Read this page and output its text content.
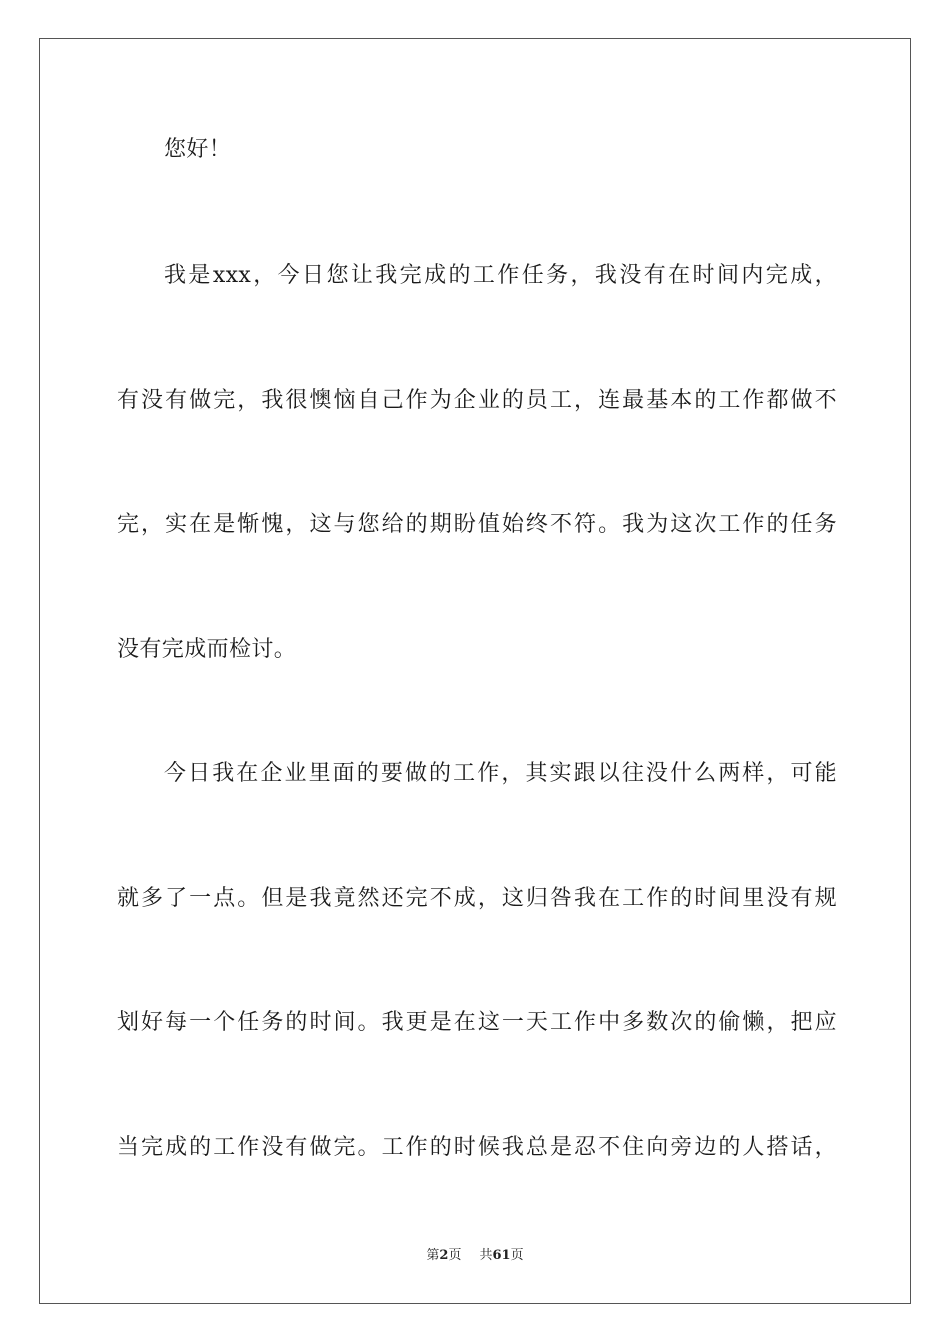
您好！
我是xxx，今日您让我完成的工作任务，我没有在时间内完成，
有没有做完，我很懊恼自己作为企业的员工，连最基本的工作都做不
完，实在是惭愧，这与您给的期盼值始终不符。我为这次工作的任务
没有完成而检讨。
今日我在企业里面的要做的工作，其实跟以往没什么两样，可能
就多了一点。但是我竟然还完不成，这归咎我在工作的时间里没有规
划好每一个任务的时间。我更是在这一天工作中多数次的偷懒，把应
当完成的工作没有做完。工作的时候我总是忍不住向旁边的人搭话，
第2页 共61页
